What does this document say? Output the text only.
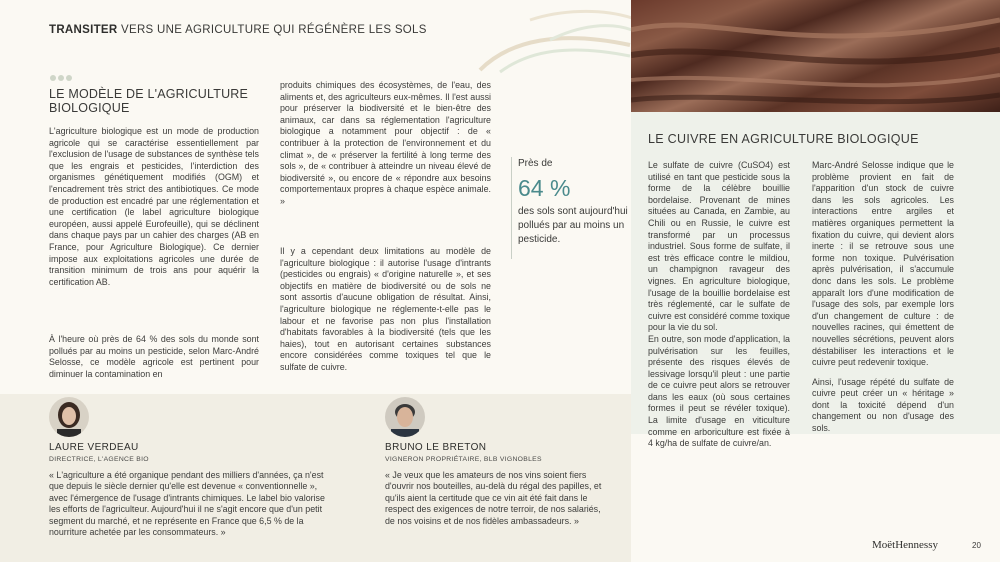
TRANSITER VERS UNE AGRICULTURE QUI RÉGÉNÈRE LES SOLS
LE MODÈLE DE L'AGRICULTURE BIOLOGIQUE

L'agriculture biologique est un mode de production agricole qui se caractérise essentiellement par l'exclusion de l'usage de substances de synthèse tels que les engrais et pesticides, l'interdiction des organismes génétiquement modifiés (OGM) et l'encadrement très strict des antibiotiques. Ce mode de production est encadré par une réglementation et une certification (le label agriculture biologique européen, aussi appelé Eurofeuille), qui se déclinent dans chaque pays par un cahier des charges (AB en France, pour Agriculture Biologique). Ce dernier impose aux exploitations agricoles une durée de transition minimum de trois ans pour aquérir la certification AB.

À l'heure où près de 64 % des sols du monde sont pollués par au moins un pesticide, selon Marc-André Selosse, ce modèle agricole est pertinent pour diminuer la contamination en

produits chimiques des écosystèmes, de l'eau, des aliments et, des agriculteurs eux-mêmes. Il l'est aussi pour préserver la biodiversité et le bien-être des animaux, car dans sa réglementation l'agriculture biologique a notamment pour objectif : de « contribuer à la protection de l'environnement et du climat », de « préserver la fertilité à long terme des sols », de « contribuer à atteindre un niveau élevé de biodiversité », ou encore de « répondre aux besoins comportementaux propres à chaque espèce animale. »

Il y a cependant deux limitations au modèle de l'agriculture biologique : il autorise l'usage d'intrants (pesticides ou engrais) « d'origine naturelle », et ses objectifs en matière de biodiversité ou de sols ne sont assortis d'aucune obligation de résultat. Ainsi, l'agriculture biologique ne réglemente-t-elle pas le labour et ne favorise pas non plus l'installation d'habitats favorables à la biodiversité (tels que les haies), tout en autorisant certaines substances encore considérées comme toxiques tel que le sulfate de cuivre.

Près de

64 %

des sols sont aujourd'hui pollués par au moins un pesticide.

LE CUIVRE EN AGRICULTURE BIOLOGIQUE

Le sulfate de cuivre (CuSO4) est utilisé en tant que pesticide sous la forme de la célèbre bouillie bordelaise. Provenant de mines situées au Canada, en Zambie, au Chili ou en Russie, le cuivre est transformé par un processus industriel. Sous forme de sulfate, il est très efficace contre le mildiou, un champignon ravageur des vignes. En agriculture biologique, l'usage de la bouillie bordelaise est très réglementé, car le sulfate de cuivre est considéré comme toxique pour la vie du sol.

En outre, son mode d'application, la pulvérisation sur les feuilles, présente des risques élevés de lessivage lorsqu'il pleut : une partie de ce cuivre peut alors se retrouver dans les eaux (où sous certaines formes il peut se révéler toxique). La limite d'usage en viticulture comme en arboriculture est fixée à 4 kg/ha de sulfate de cuivre/an.

Marc-André Selosse indique que le problème provient en fait de l'apparition d'un stock de cuivre dans les sols agricoles. Les interactions entre argiles et matières organiques permettent la fixation du cuivre, qui devient alors inerte : il se retrouve sous une forme non toxique. Pulvérisation après pulvérisation, il s'accumule donc dans les sols. Le problème apparaît lors d'une modification de l'usage des sols, par exemple lors d'un changement de culture : de nouvelles racines, qui émettent de nouvelles sécrétions, peuvent alors déstabiliser les interactions et le cuivre peut redevenir toxique.

Ainsi, l'usage répété du sulfate de cuivre peut créer un « héritage » dont la toxicité dépend d'un changement ou non d'usage des sols.

LAURE VERDEAU
DIRECTRICE, L'AGENCE BIO

« L'agriculture a été organique pendant des milliers d'années, ça n'est que depuis le siècle dernier qu'elle est devenue « conventionnelle », avec l'émergence de l'usage d'intrants chimiques. Le label bio valorise les efforts de l'agriculteur. Aujourd'hui il ne s'agit encore que d'un petit segment du marché, et ne représente en France que 6,5 % de la nourriture achetée par les consommateurs. »

BRUNO LE BRETON
VIGNERON PROPRIÉTAIRE, BLB VIGNOBLES

« Je veux que les amateurs de nos vins soient fiers d'ouvrir nos bouteilles, au-delà du régal des papilles, et qu'ils aient la certitude que ce vin ait été fait dans le respect des exigences de notre terroir, de nos salariés, de nos voisins et de nos fidèles ambassadeurs. »

MoëtHennessy	20
